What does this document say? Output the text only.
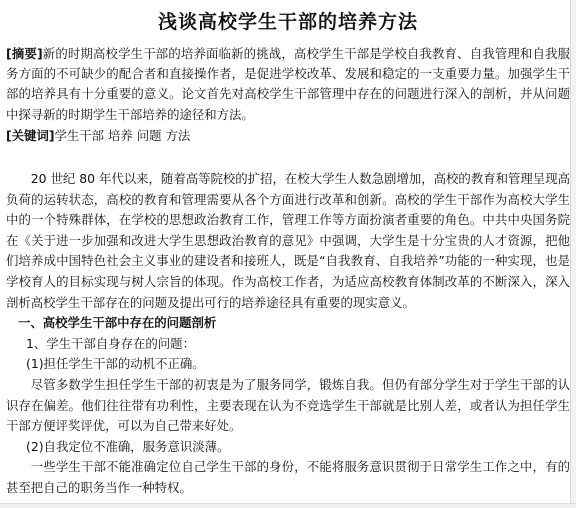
浅谈高校学生干部的培养方法

[摘要]新的时期高校学生干部的培养面临新的挑战，高校学生干部是学校自我教育、自我管理和自我服务方面的不可缺少的配合者和直接操作者，是促进学校改革、发展和稳定的一支重要力量。加强学生干部的培养具有十分重要的意义。论文首先对高校学生干部管理中存在的问题进行深入的剖析，并从问题中探寻新的时期学生干部培养的途径和方法。

[关键词]学生干部 培养 问题 方法

20 世纪 80 年代以来，随着高等院校的扩招，在校大学生人数急剧增加，高校的教育和管理呈现高负荷的运转状态，高校的教育和管理需要从各个方面进行改革和创新。高校的学生干部作为高校大学生中的一个特殊群体，在学校的思想政治教育工作，管理工作等方面扮演者重要的角色。中共中央国务院在《关于进一步加强和改进大学生思想政治教育的意见》中强调，大学生是十分宝贵的人才资源，把他们培养成中国特色社会主义事业的建设者和接班人，既是“自我教育、自我培养”功能的一种实现，也是学校育人的目标实现与树人宗旨的体现。作为高校工作者，为适应高校教育体制改革的不断深入，深入剖析高校学生干部存在的问题及提出可行的培养途径具有重要的现实意义。

一、高校学生干部中存在的问题剖析

1、学生干部自身存在的问题：

(1)担任学生干部的动机不正确。

尽管多数学生担任学生干部的初衷是为了服务同学，锻炼自我。但仍有部分学生对于学生干部的认识存在偏差。他们往往带有功利性，主要表现在认为不竞选学生干部就是比别人差，或者认为担任学生干部方便评奖评优，可以为自己带来好处。

(2)自我定位不准确，服务意识淡薄。

一些学生干部不能准确定位自己学生干部的身份，不能将服务意识贯彻于日常学生工作之中，有的甚至把自己的职务当作一种特权。
